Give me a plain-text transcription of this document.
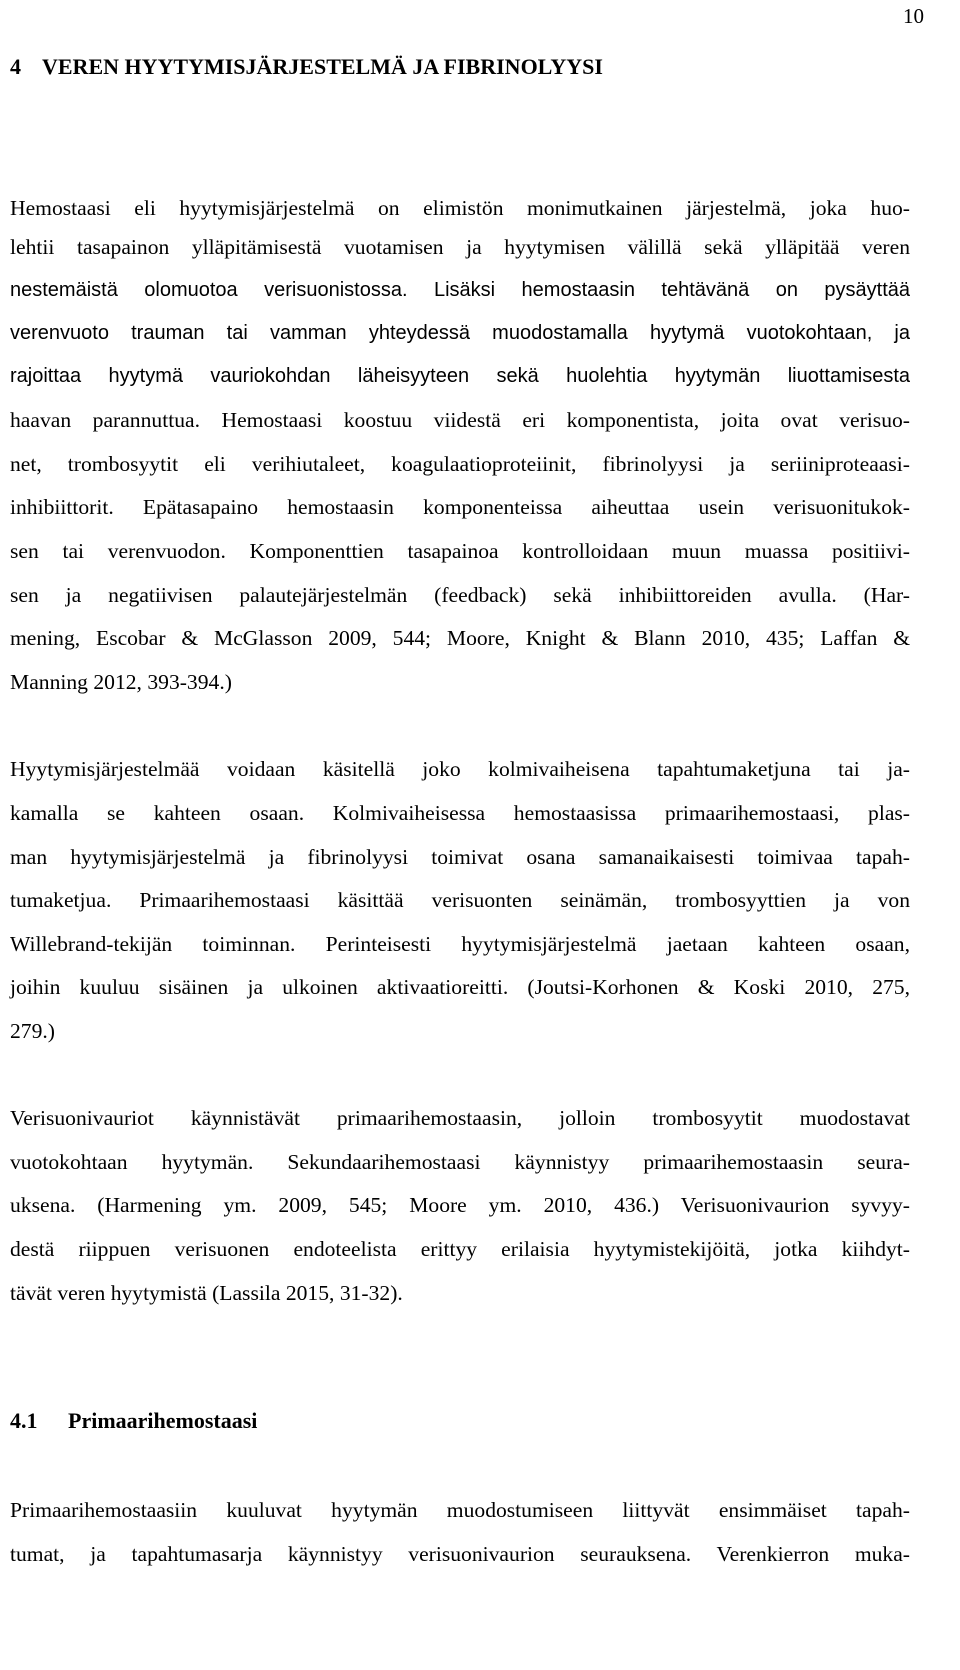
10
4 VEREN HYYTYMISJÄRJESTELMÄ JA FIBRINOLYYSI
Hemostaasi eli hyytymisjärjestelmä on elimistön monimutkainen järjestelmä, joka huo-
lehtii tasapainon ylläpitämisestä vuotamisen ja hyytymisen välillä sekä ylläpitää veren
nestemäistä olomuotoa verisuonistossa. Lisäksi hemostaasin tehtävänä on pysäyttää
verenvuoto trauman tai vamman yhteydessä muodostamalla hyytymä vuotokohtaan, ja
rajoittaa hyytymä vauriokohdan läheisyyteen sekä huolehtia hyytymän liuottamisesta
haavan parannuttua. Hemostaasi koostuu viidestä eri komponentista, joita ovat verisuo-
net, trombosyytit eli verihiutaleet, koagulaatioproteiinit, fibrinolyysi ja seriiniproteaasi-
inhibiittorit. Epätasapaino hemostaasin komponenteissa aiheuttaa usein verisuonitukok-
sen tai verenvuodon. Komponenttien tasapainoa kontrolloidaan muun muassa positiivi-
sen ja negatiivisen palautejärjestelmän (feedback) sekä inhibiittoreiden avulla. (Har-
mening, Escobar & McGlasson 2009, 544; Moore, Knight & Blann 2010, 435; Laffan &
Manning 2012, 393-394.)
Hyytymisjärjestelmää voidaan käsitellä joko kolmivaiheisena tapahtumaketjuna tai ja-
kamalla se kahteen osaan. Kolmivaiheisessa hemostaasissa primaarihemostaasi, plas-
man hyytymisjärjestelmä ja fibrinolyysi toimivat osana samanaikaisesti toimivaa tapah-
tumaketjua. Primaarihemostaasi käsittää verisuonten seinämän, trombosyyttien ja von
Willebrand-tekijän toiminnan. Perinteisesti hyytymisjärjestelmä jaetaan kahteen osaan,
joihin kuuluu sisäinen ja ulkoinen aktivaatioreitti. (Joutsi-Korhonen & Koski 2010, 275,
279.)
Verisuonivauriot käynnistävät primaarihemostaasin, jolloin trombosyytit muodostavat
vuotokohtaan hyytymän. Sekundaarihemostaasi käynnistyy primaarihemostaasin seura-
uksena. (Harmening ym. 2009, 545; Moore ym. 2010, 436.) Verisuonivaurion syvyy-
destä riippuen verisuonen endoteelista erittyy erilaisia hyytymistekijöitä, jotka kiihdyt-
tävät veren hyytymistä (Lassila 2015, 31-32).
4.1 Primaarihemostaasi
Primaarihemostaasiin kuuluvat hyytymän muodostumiseen liittyvät ensimmäiset tapah-
tumat, ja tapahtumasarja käynnistyy verisuonivaurion seurauksena. Verenkierron muka-
